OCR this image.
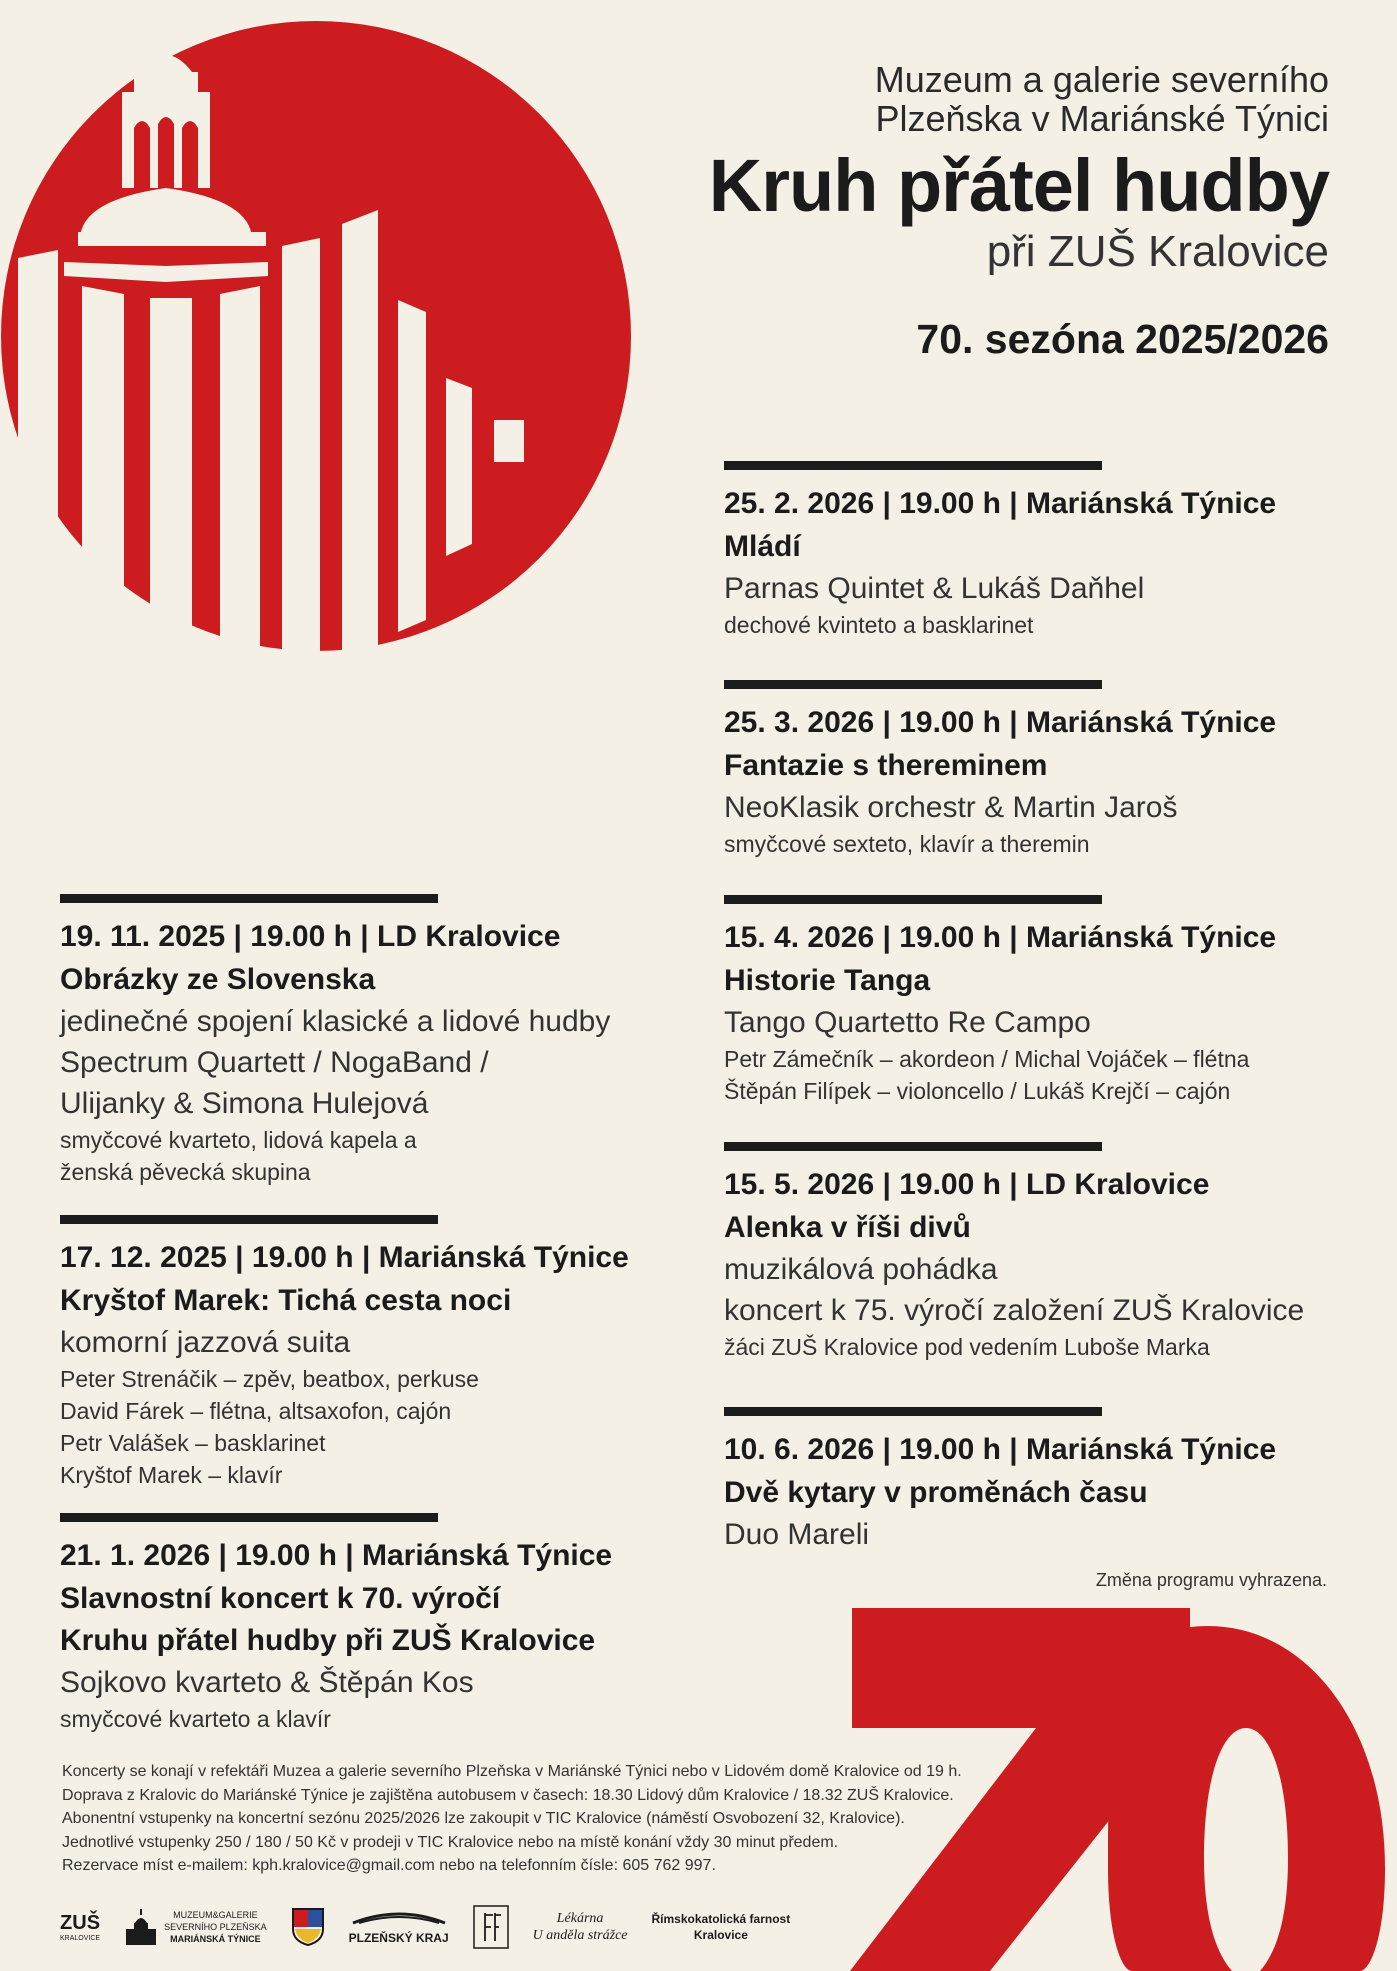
Muzeum a galerie severního
Plzeňska v Mariánské Týnici
Kruh přátel hudby
při ZUŠ Kralovice
70. sezóna 2025/2026
19. 11. 2025 | 19.00 h | LD Kralovice
Obrázky ze Slovenska
jedinečné spojení klasické a lidové hudby
Spectrum Quartett / NogaBand /
Ulijanky & Simona Hulejová
smyčcové kvarteto, lidová kapela a
ženská pěvecká skupina
17. 12. 2025 | 19.00 h | Mariánská Týnice
Kryštof Marek: Tichá cesta noci
komorní jazzová suita
Peter Strenáčik – zpěv, beatbox, perkuse
David Fárek – flétna, altsaxofon, cajón
Petr Valášek – basklarinet
Kryštof Marek – klavír
21. 1. 2026 | 19.00 h | Mariánská Týnice
Slavnostní koncert k 70. výročí
Kruhu přátel hudby při ZUŠ Kralovice
Sojkovo kvarteto & Štěpán Kos
smyčcové kvarteto a klavír
25. 2. 2026 | 19.00 h | Mariánská Týnice
Mládí
Parnas Quintet & Lukáš Daňhel
dechové kvinteto a basklarinet
25. 3. 2026 | 19.00 h | Mariánská Týnice
Fantazie s thereminem
NeoKlasik orchestr & Martin Jaroš
smyčcové sexteto, klavír a theremin
15. 4. 2026 | 19.00 h | Mariánská Týnice
Historie Tanga
Tango Quartetto Re Campo
Petr Zámečník – akordeon / Michal Vojáček – flétna
Štěpán Filípek – violoncello / Lukáš Krejčí – cajón
15. 5. 2026 | 19.00 h | LD Kralovice
Alenka v říši divů
muzikálová pohádka
koncert k 75. výročí založení ZUŠ Kralovice
žáci ZUŠ Kralovice pod vedením Luboše Marka
10. 6. 2026 | 19.00 h | Mariánská Týnice
Dvě kytary v proměnách času
Duo Mareli
Změna programu vyhrazena.
Koncerty se konají v refektáři Muzea a galerie severního Plzeňska v Mariánské Týnici nebo v Lidovém domě Kralovice od 19 h.
Doprava z Kralovic do Mariánské Týnice je zajištěna autobusem v časech: 18.30 Lidový dům Kralovice / 18.32 ZUŠ Kralovice.
Abonentní vstupenky na koncertní sezónu 2025/2026 lze zakoupit v TIC Kralovice (náměstí Osvobození 32, Kralovice).
Jednotlivé vstupenky 250 / 180 / 50 Kč v prodeji v TIC Kralovice nebo na místě konání vždy 30 minut předem.
Rezervace míst e-mailem: kph.kralovice@gmail.com nebo na telefonním čísle: 605 762 997.
ZUŠ
KRALOVICE
MUZEUM&GALERIE
SEVERNÍHO PLZEŇSKA
MARIÁNSKÁ TÝNICE	PLZEŇSKÝ KRAJ
Lékárna
U anděla strážce
Římskokatolická farnost
Kralovice
